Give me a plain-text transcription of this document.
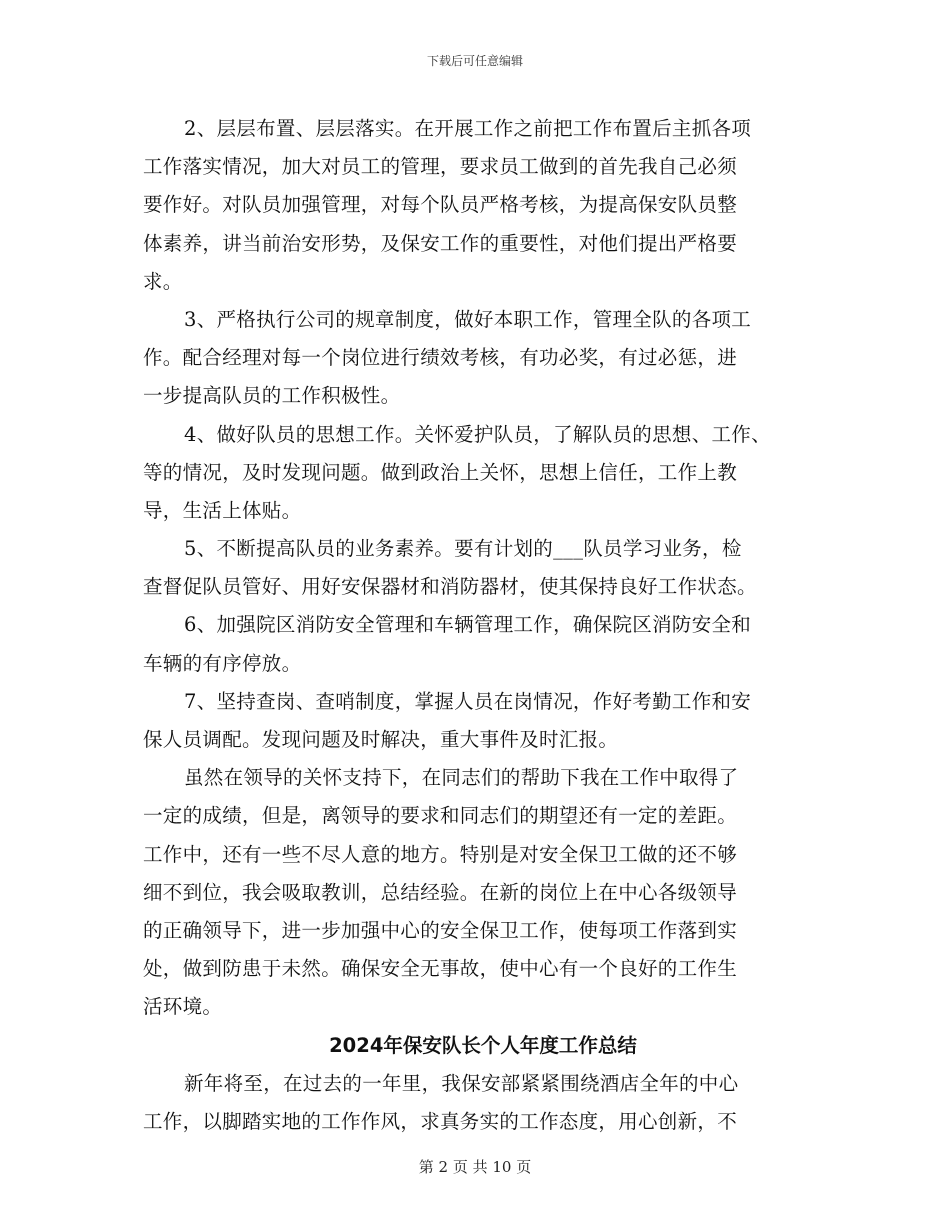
下载后可任意编辑
2、层层布置、层层落实。在开展工作之前把工作布置后主抓各项
工作落实情况，加大对员工的管理，要求员工做到的首先我自己必须
要作好。对队员加强管理，对每个队员严格考核，为提高保安队员整
体素养，讲当前治安形势，及保安工作的重要性，对他们提出严格要
求。
3、严格执行公司的规章制度，做好本职工作，管理全队的各项工
作。配合经理对每一个岗位进行绩效考核，有功必奖，有过必惩，进
一步提高队员的工作积极性。
4、做好队员的思想工作。关怀爱护队员，了解队员的思想、工作、
等的情况，及时发现问题。做到政治上关怀，思想上信任，工作上教
导，生活上体贴。
5、不断提高队员的业务素养。要有计划的___队员学习业务，检
查督促队员管好、用好安保器材和消防器材，使其保持良好工作状态。
6、加强院区消防安全管理和车辆管理工作，确保院区消防安全和
车辆的有序停放。
7、坚持查岗、查哨制度，掌握人员在岗情况，作好考勤工作和安
保人员调配。发现问题及时解决，重大事件及时汇报。
虽然在领导的关怀支持下，在同志们的帮助下我在工作中取得了
一定的成绩，但是，离领导的要求和同志们的期望还有一定的差距。
工作中，还有一些不尽人意的地方。特别是对安全保卫工做的还不够
细不到位，我会吸取教训，总结经验。在新的岗位上在中心各级领导
的正确领导下，进一步加强中心的安全保卫工作，使每项工作落到实
处，做到防患于未然。确保安全无事故，使中心有一个良好的工作生
活环境。
2024年保安队长个人年度工作总结
新年将至，在过去的一年里，我保安部紧紧围绕酒店全年的中心
工作，以脚踏实地的工作作风，求真务实的工作态度，用心创新，不
第 2 页 共 10 页
